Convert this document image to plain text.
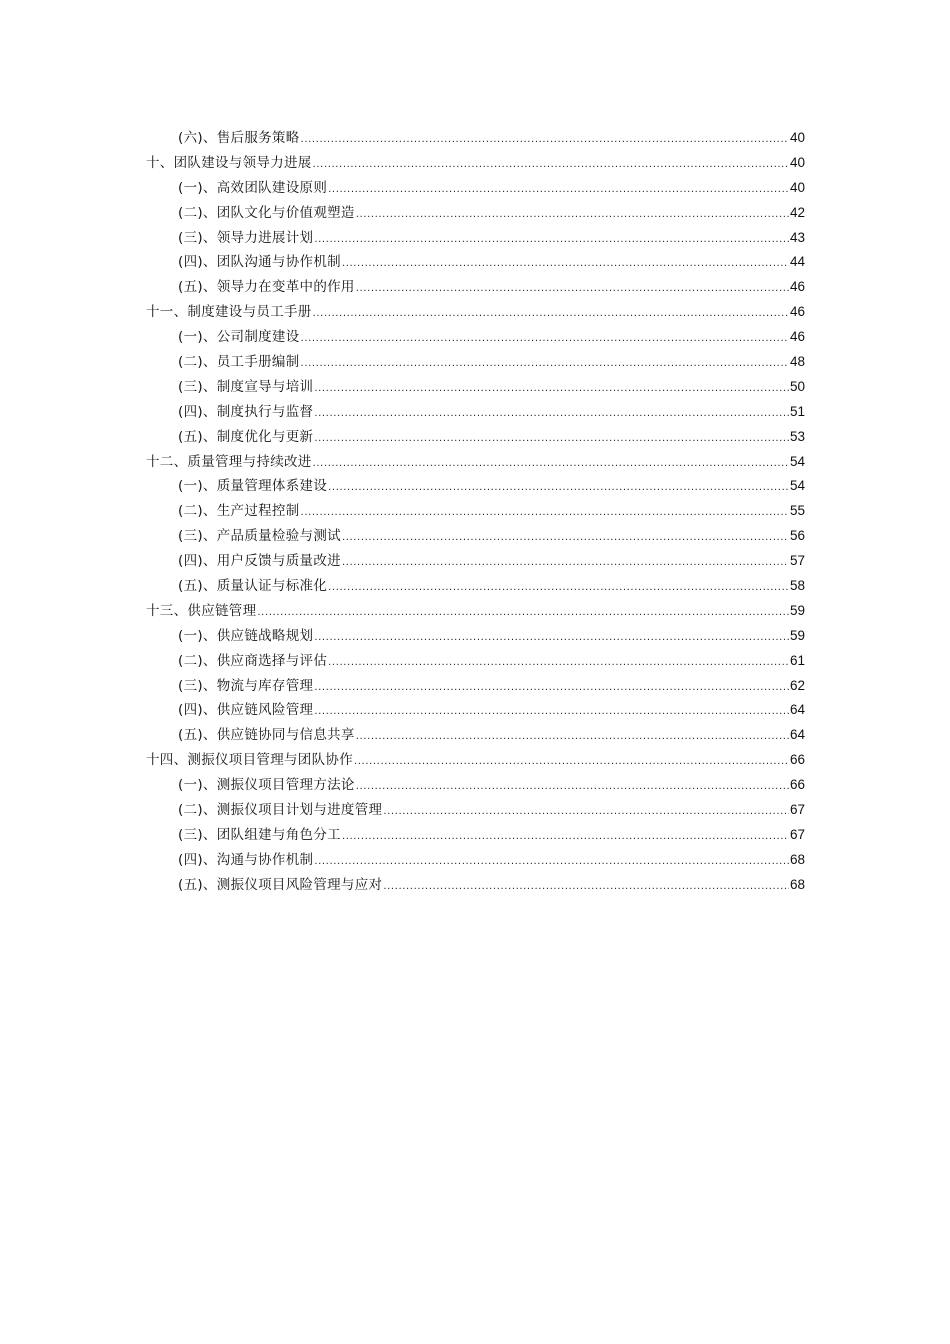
(六)、售后服务策略 .....	40
十、团队建设与领导力进展 .....	40
(一)、高效团队建设原则 .....	40
(二)、团队文化与价值观塑造 .....	42
(三)、领导力进展计划 .....	43
(四)、团队沟通与协作机制 .....	44
(五)、领导力在变革中的作用 .....	46
十一、制度建设与员工手册 .....	46
(一)、公司制度建设 .....	46
(二)、员工手册编制 .....	48
(三)、制度宣导与培训 .....	50
(四)、制度执行与监督 .....	51
(五)、制度优化与更新 .....	53
十二、质量管理与持续改进 .....	54
(一)、质量管理体系建设 .....	54
(二)、生产过程控制 .....	55
(三)、产品质量检验与测试 .....	56
(四)、用户反馈与质量改进 .....	57
(五)、质量认证与标准化 .....	58
十三、供应链管理 .....	59
(一)、供应链战略规划 .....	59
(二)、供应商选择与评估 .....	61
(三)、物流与库存管理 .....	62
(四)、供应链风险管理 .....	64
(五)、供应链协同与信息共享 .....	64
十四、测振仪项目管理与团队协作 .....	66
(一)、测振仪项目管理方法论 .....	66
(二)、测振仪项目计划与进度管理 .....	67
(三)、团队组建与角色分工 .....	67
(四)、沟通与协作机制 .....	68
(五)、测振仪项目风险管理与应对 .....	68
